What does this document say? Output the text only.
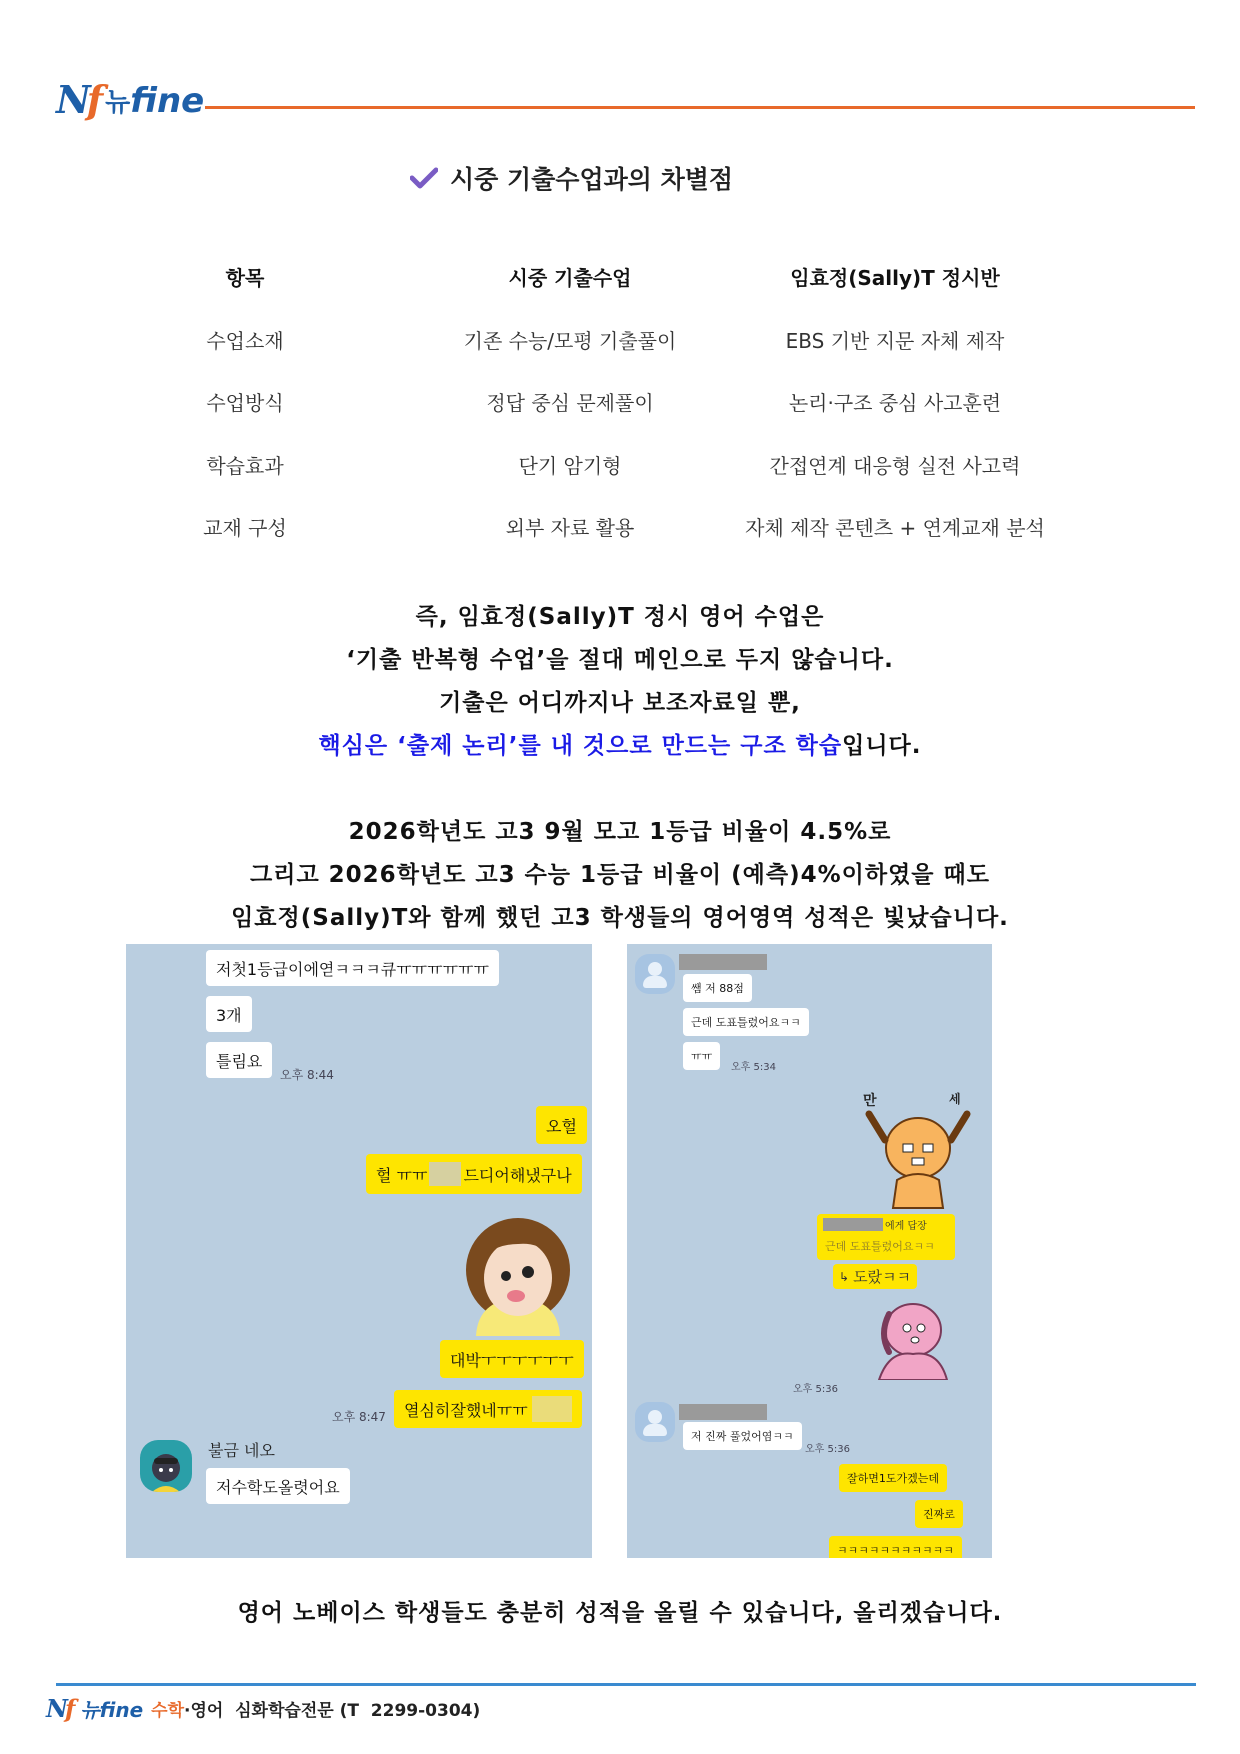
Nf 뉴 fine
시중 기출수업과의 차별점
항목	시중 기출수업	임효정(Sally)T 정시반
수업소재	기존 수능/모평 기출풀이	EBS 기반 지문 자체 제작
수업방식	정답 중심 문제풀이	논리·구조 중심 사고훈련
학습효과	단기 암기형	간접연계 대응형 실전 사고력
교재 구성	외부 자료 활용	자체 제작 콘텐츠 + 연계교재 분석
즉, 임효정(Sally)T 정시 영어 수업은
‘기출 반복형 수업’을 절대 메인으로 두지 않습니다.
기출은 어디까지나 보조자료일 뿐,
핵심은 ‘출제 논리’를 내 것으로 만드는 구조 학습입니다.
2026학년도 고3 9월 모고 1등급 비율이 4.5%로
그리고 2026학년도 고3 수능 1등급 비율이 (예측)4%이하였을 때도
임효정(Sally)T와 함께 했던 고3 학생들의 영어영역 성적은 빛났습니다.
저첫1등급이에엳ㅋㅋㅋ큐ㅠㅠㅠㅠㅠㅠ
3개
틀림요
오후 8:44
오헐
헐 ㅠㅠ 드디어해냈구나
대박ㅜㅜㅜㅜㅜㅜ
열심히잘했네ㅠㅠ
오후 8:47
불금 네오
저수학도올렷어요
쌤 저 88점
근데 도표틀렸어요ㅋㅋ
ㅠㅠ
오후 5:34
만	세
에게 답장
근데 도표틀렸어요ㅋㅋ
↳ 도랐ㅋㅋ
오후 5:36
저 진짜 풀었어염ㅋㅋ
오후 5:36
잘하면1도가겠는데
진짜로
ㅋㅋㅋㅋㅋㅋㅋㅋㅋㅋㅋ
영어 노베이스 학생들도 충분히 성적을 올릴 수 있습니다, 올리겠습니다.
Nf 뉴fine 수학·영어  심화학습전문 (T  2299-0304)
